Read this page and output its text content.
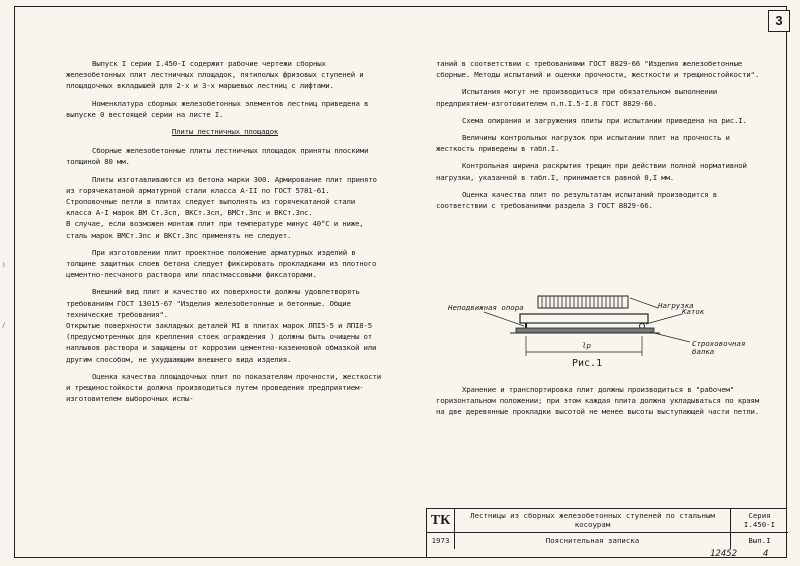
3
)
/

Выпуск I серии I.450-I содержит рабочие чертежи сборных железобетонных плит лестничных площадок, пятиполых фризовых ступеней и площадочных вкладышей для 2-х и 3-х маршевых лестниц с лифтами.

Номенклатура сборных железобетонных элементов лестниц приведена в выпуске 0 вестоящей серии на листе I.

Плиты лестничных площадок

Сборные железобетонные плиты лестничных площадок приняты плоскими толщиной 80 мм.

Плиты изготавливаются из бетона марки 300. Армирование плит принято из горячекатаной арматурной стали класса А-II по ГОСТ 5781-61. Строповочные петли в плитах следует выполнять из горячекатаной стали класса А-I марок ВМ Ст.3сп, ВКСт.3сп, ВМСт.3пс и ВКСт.3пс.
В случае, если возможен монтаж плит при температуре минус 40°С и ниже, сталь марок ВМСт.3пс и ВКСт.3пс применять не следует.

При изготовлении плит проектное положение арматурных изделий в толщине защитных слоев бетона следует фиксировать прокладками из плотного цементно-песчаного раствора или пластмассовыми фиксаторами.

Внешний вид плит и качество их поверхности должны удовлетворять требованиям ГОСТ 13015-67 "Изделия железобетонные и бетонные. Общие технические требования".
Открытые поверхности закладных деталей МI в плитах марок ЛПI5-5 и ЛПI8-5 (предусмотренных для крепления стоек ограждения ) должны быть очищены от наплывов раствора и защищены от коррозии цементно-казеиновой обмазкой или другим способом, не ухудшающим внешнего вида изделия.

Оценка качества площадочных плит по показателям прочности, жесткости и трещиностойкости должна производиться путем проведения предприятием-изготовителем выборочных испы-

таний в соответствии с требованиями ГОСТ 8829-66 "Изделия железобетонные сборные. Методы испытаний и оценки прочности, жесткости и трещиностойкости".

Испытания могут не производиться при обязательном выполнении предприятием-изготовителем п.п.I.5-I.8 ГОСТ 8829-66.

Схема опирания и загружения плиты при испытании приведена на рис.I.

Величины контрольных нагрузок при испытании плит на прочность и жесткость приведены в табл.I.

Контрольная ширина раскрытия трещин при действии полной нормативной нагрузки, указанной в табл.I, принимается равной 0,I мм.

Оценка качества плит по результатам испытаний производится в соответствии с требованиями раздела 3 ГОСТ 8829-66.

Неподвижная опора	Нагрузка
Каток
lр	Строховочная балка
Рис.1

Хранение и транспортировка плит должны производиться в "рабочем" горизонтальном положении; при этом каждая плита должна укладываться по краям на две деревянные прокладки высотой не менее высоты выступающей части петли.

ТК	Лестницы из сборных железобетонных ступеней по стальным косоурам
Серия
I.450-I
1973	Пояснительная записка	Вып.I
12452	4
